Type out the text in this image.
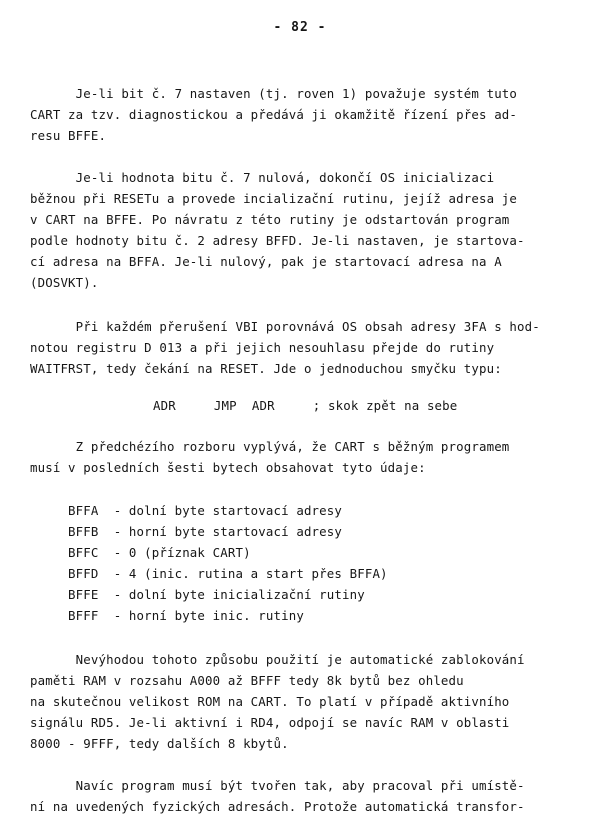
- 82 -
Je-li bit č. 7 nastaven (tj. roven 1) považuje systém tuto
CART za tzv. diagnostickou a předává ji okamžitě řízení přes ad-
resu BFFE.
Je-li hodnota bitu č. 7 nulová, dokončí OS inicializaci
běžnou při RESETu a provede incializační rutinu, jejíž adresa je
v CART na BFFE. Po návratu z této rutiny je odstartován program
podle hodnoty bitu č. 2 adresy BFFD. Je-li nastaven, je startova-
cí adresa na BFFA. Je-li nulový, pak je startovací adresa na A
(DOSVKT).
Při každém přerušení VBI porovnává OS obsah adresy 3FA s hod-
notou registru D 013 a při jejich nesouhlasu přejde do rutiny
WAITFRST, tedy čekání na RESET. Jde o jednoduchou smyčku typu:
ADR     JMP  ADR     ; skok zpět na sebe
Z předchézího rozboru vyplývá, že CART s běžným programem
musí v posledních šesti bytech obsahovat tyto údaje:
BFFA  - dolní byte startovací adresy
BFFB  - horní byte startovací adresy
BFFC  - 0 (příznak CART)
BFFD  - 4 (inic. rutina a start přes BFFA)
BFFE  - dolní byte inicializační rutiny
BFFF  - horní byte inic. rutiny
Nevýhodou tohoto způsobu použití je automatické zablokování
paměti RAM v rozsahu A000 až BFFF tedy 8k bytů bez ohledu
na skutečnou velikost ROM na CART. To platí v případě aktivního
signálu RD5. Je-li aktivní i RD4, odpojí se navíc RAM v oblasti
8000 - 9FFF, tedy dalších 8 kbytů.
Navíc program musí být tvořen tak, aby pracoval při umístě-
ní na uvedených fyzických adresách. Protože automatická transfor-
